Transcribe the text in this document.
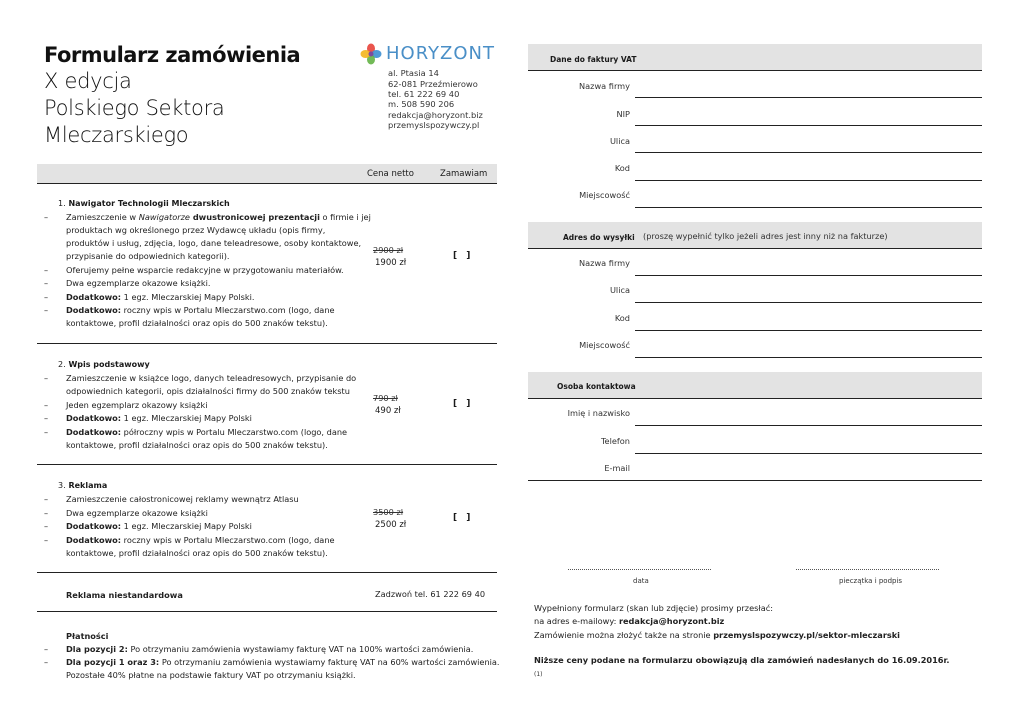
Formularz zamówienia
X edycja
Polskiego Sektora
Mleczarskiego
HORYZONT
al. Ptasia 14
62-081 Przeźmierowo
tel. 61 222 69 40
m. 508 590 206
redakcja@horyzont.biz
przemyslspozywczy.pl
Cena netto	Zamawiam
1. Nawigator Technologii Mleczarskich
– Zamieszczenie w Nawigatorze dwustronicowej prezentacji o firmie i jej
produktach wg określonego przez Wydawcę układu (opis firmy,
produktów i usług, zdjęcia, logo, dane teleadresowe, osoby kontaktowe,
przypisanie do odpowiednich kategorii).
– Oferujemy pełne wsparcie redakcyjne w przygotowaniu materiałów.
– Dwa egzemplarze okazowe książki.
– Dodatkowo: 1 egz. Mleczarskiej Mapy Polski.
– Dodatkowo: roczny wpis w Portalu Mleczarstwo.com (logo, dane
kontaktowe, profil działalności oraz opis do 500 znaków tekstu).
2900 zł
1900 zł
[ ]
2. Wpis podstawowy
– Zamieszczenie w książce logo, danych teleadresowych, przypisanie do
odpowiednich kategorii, opis działalności firmy do 500 znaków tekstu
– Jeden egzemplarz okazowy książki
– Dodatkowo: 1 egz. Mleczarskiej Mapy Polski
– Dodatkowo: półroczny wpis w Portalu Mleczarstwo.com (logo, dane
kontaktowe, profil działalności oraz opis do 500 znaków tekstu).
790 zł
490 zł
[ ]
3. Reklama
– Zamieszczenie całostronicowej reklamy wewnątrz Atlasu
– Dwa egzemplarze okazowe książki
– Dodatkowo: 1 egz. Mleczarskiej Mapy Polski
– Dodatkowo: roczny wpis w Portalu Mleczarstwo.com (logo, dane
kontaktowe, profil działalności oraz opis do 500 znaków tekstu).
3500 zł
2500 zł
[ ]
Reklama niestandardowa	Zadzwoń tel. 61 222 69 40
Płatności
– Dla pozycji 2: Po otrzymaniu zamówienia wystawiamy fakturę VAT na 100% wartości zamówienia.
– Dla pozycji 1 oraz 3: Po otrzymaniu zamówienia wystawiamy fakturę VAT na 60% wartości zamówienia.
Pozostałe 40% płatne na podstawie faktury VAT po otrzymaniu książki.
Dane do faktury VAT
Nazwa firmy
NIP
Ulica
Kod
Miejscowość
Adres do wysyłki (proszę wypełnić tylko jeżeli adres jest inny niż na fakturze)
Nazwa firmy
Ulica
Kod
Miejscowość
Osoba kontaktowa
Imię i nazwisko
Telefon
E-mail
data	pieczątka i podpis
Wypełniony formularz (skan lub zdjęcie) prosimy przesłać:
na adres e-mailowy: redakcja@horyzont.biz
Zamówienie można złożyć także na stronie przemyslspozywczy.pl/sektor-mleczarski
Niższe ceny podane na formularzu obowiązują dla zamówień nadesłanych do 16.09.2016r.
(1)
